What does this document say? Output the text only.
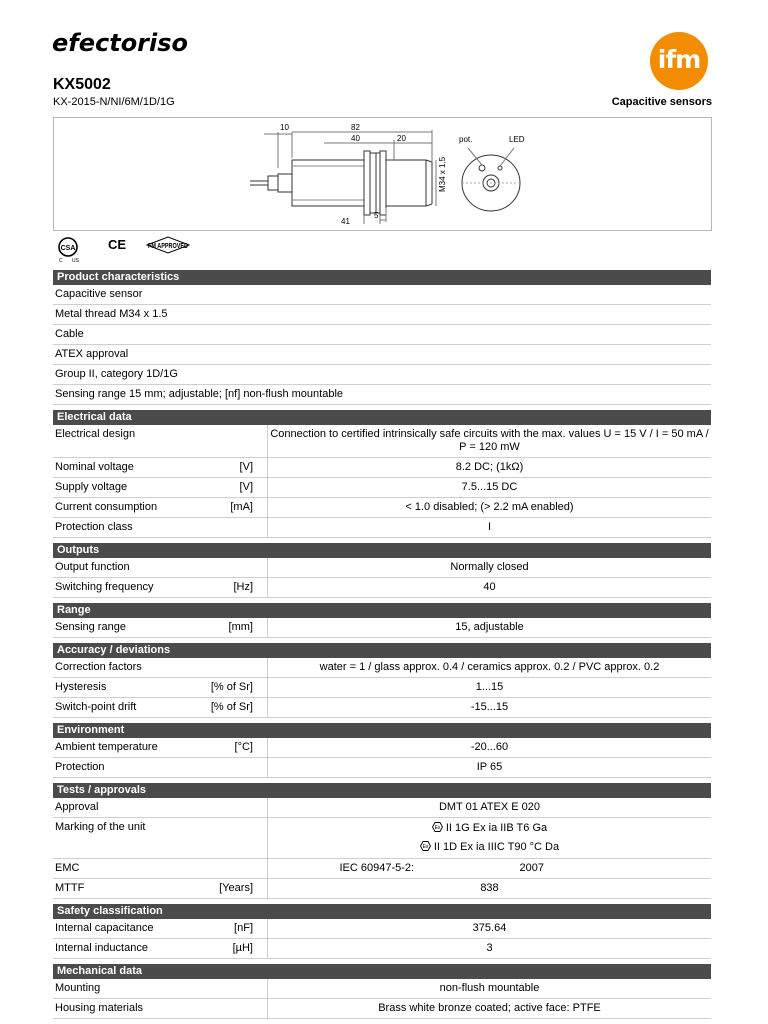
efectoriso
ifm
KX5002
KX-2015-N/NI/6M/1D/1G	Capacitive sensors
10	82
40	20
M34 x 1,5
41
5
pot.	LED
CSA
C US
CE	FM APPROVED
Product characteristics
Capacitive sensor
Metal thread M34 x 1.5
Cable
ATEX approval
Group II, category 1D/1G
Sensing range 15 mm; adjustable; [nf] non-flush mountable
Electrical data
Electrical design	Connection to certified intrinsically safe circuits with the max. values U = 15 V / I = 50 mA / P = 120 mW
Nominal voltage	[V]	8.2 DC; (1kΩ)
Supply voltage	[V]	7.5...15 DC
Current consumption	[mA]	< 1.0 disabled; (> 2.2 mA enabled)
Protection class	I
Outputs
Output function	Normally closed
Switching frequency	[Hz]	40
Range
Sensing range	[mm]	15, adjustable
Accuracy / deviations
Correction factors	water = 1 / glass approx. 0.4 / ceramics approx. 0.2 / PVC approx. 0.2
Hysteresis	[% of Sr]	1...15
Switch-point drift	[% of Sr]	-15...15
Environment
Ambient temperature	[°C]	-20...60
Protection	IP 65
Tests / approvals
Approval	DMT 01 ATEX E 020
Marking of the unit	Ex II 1G Ex ia IIB T6 Ga
Ex II 1D Ex ia IIIC T90 °C Da
EMC	IEC 60947-5-2:	2007
MTTF	[Years]	838
Safety classification
Internal capacitance	[nF]	375.64
Internal inductance	[µH]	3
Mechanical data
Mounting	non-flush mountable
Housing materials	Brass white bronze coated; active face: PTFE
